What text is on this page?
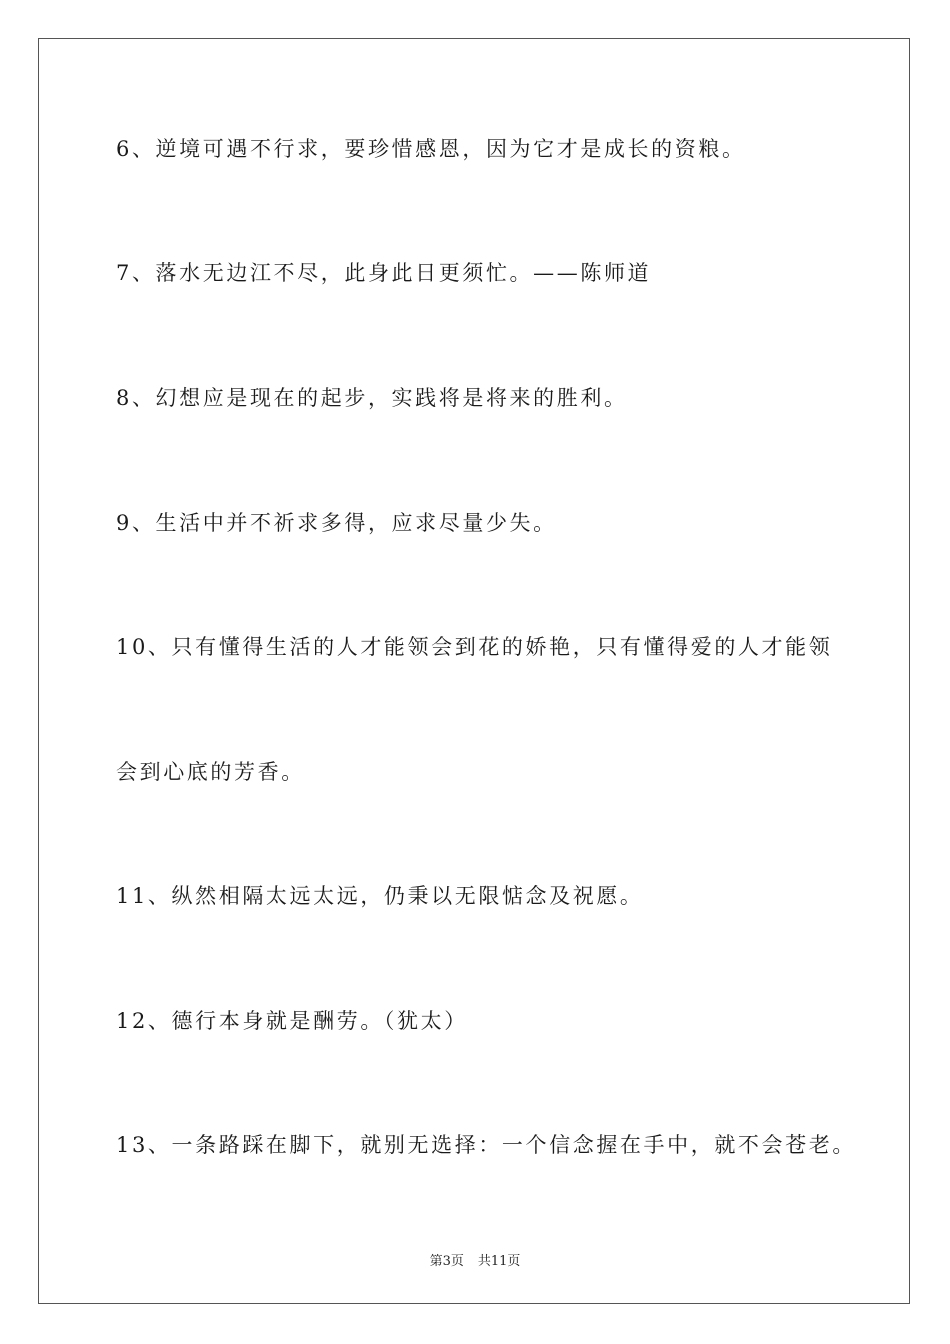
6、逆境可遇不行求，要珍惜感恩，因为它才是成长的资粮。
7、落水无边江不尽，此身此日更须忙。——陈师道
8、幻想应是现在的起步，实践将是将来的胜利。
9、生活中并不祈求多得，应求尽量少失。
10、只有懂得生活的人才能领会到花的娇艳，只有懂得爱的人才能领
会到心底的芳香。
11、纵然相隔太远太远，仍秉以无限惦念及祝愿。
12、德行本身就是酬劳。（犹太）
13、一条路踩在脚下，就别无选择：一个信念握在手中，就不会苍老。
第3页 共11页
